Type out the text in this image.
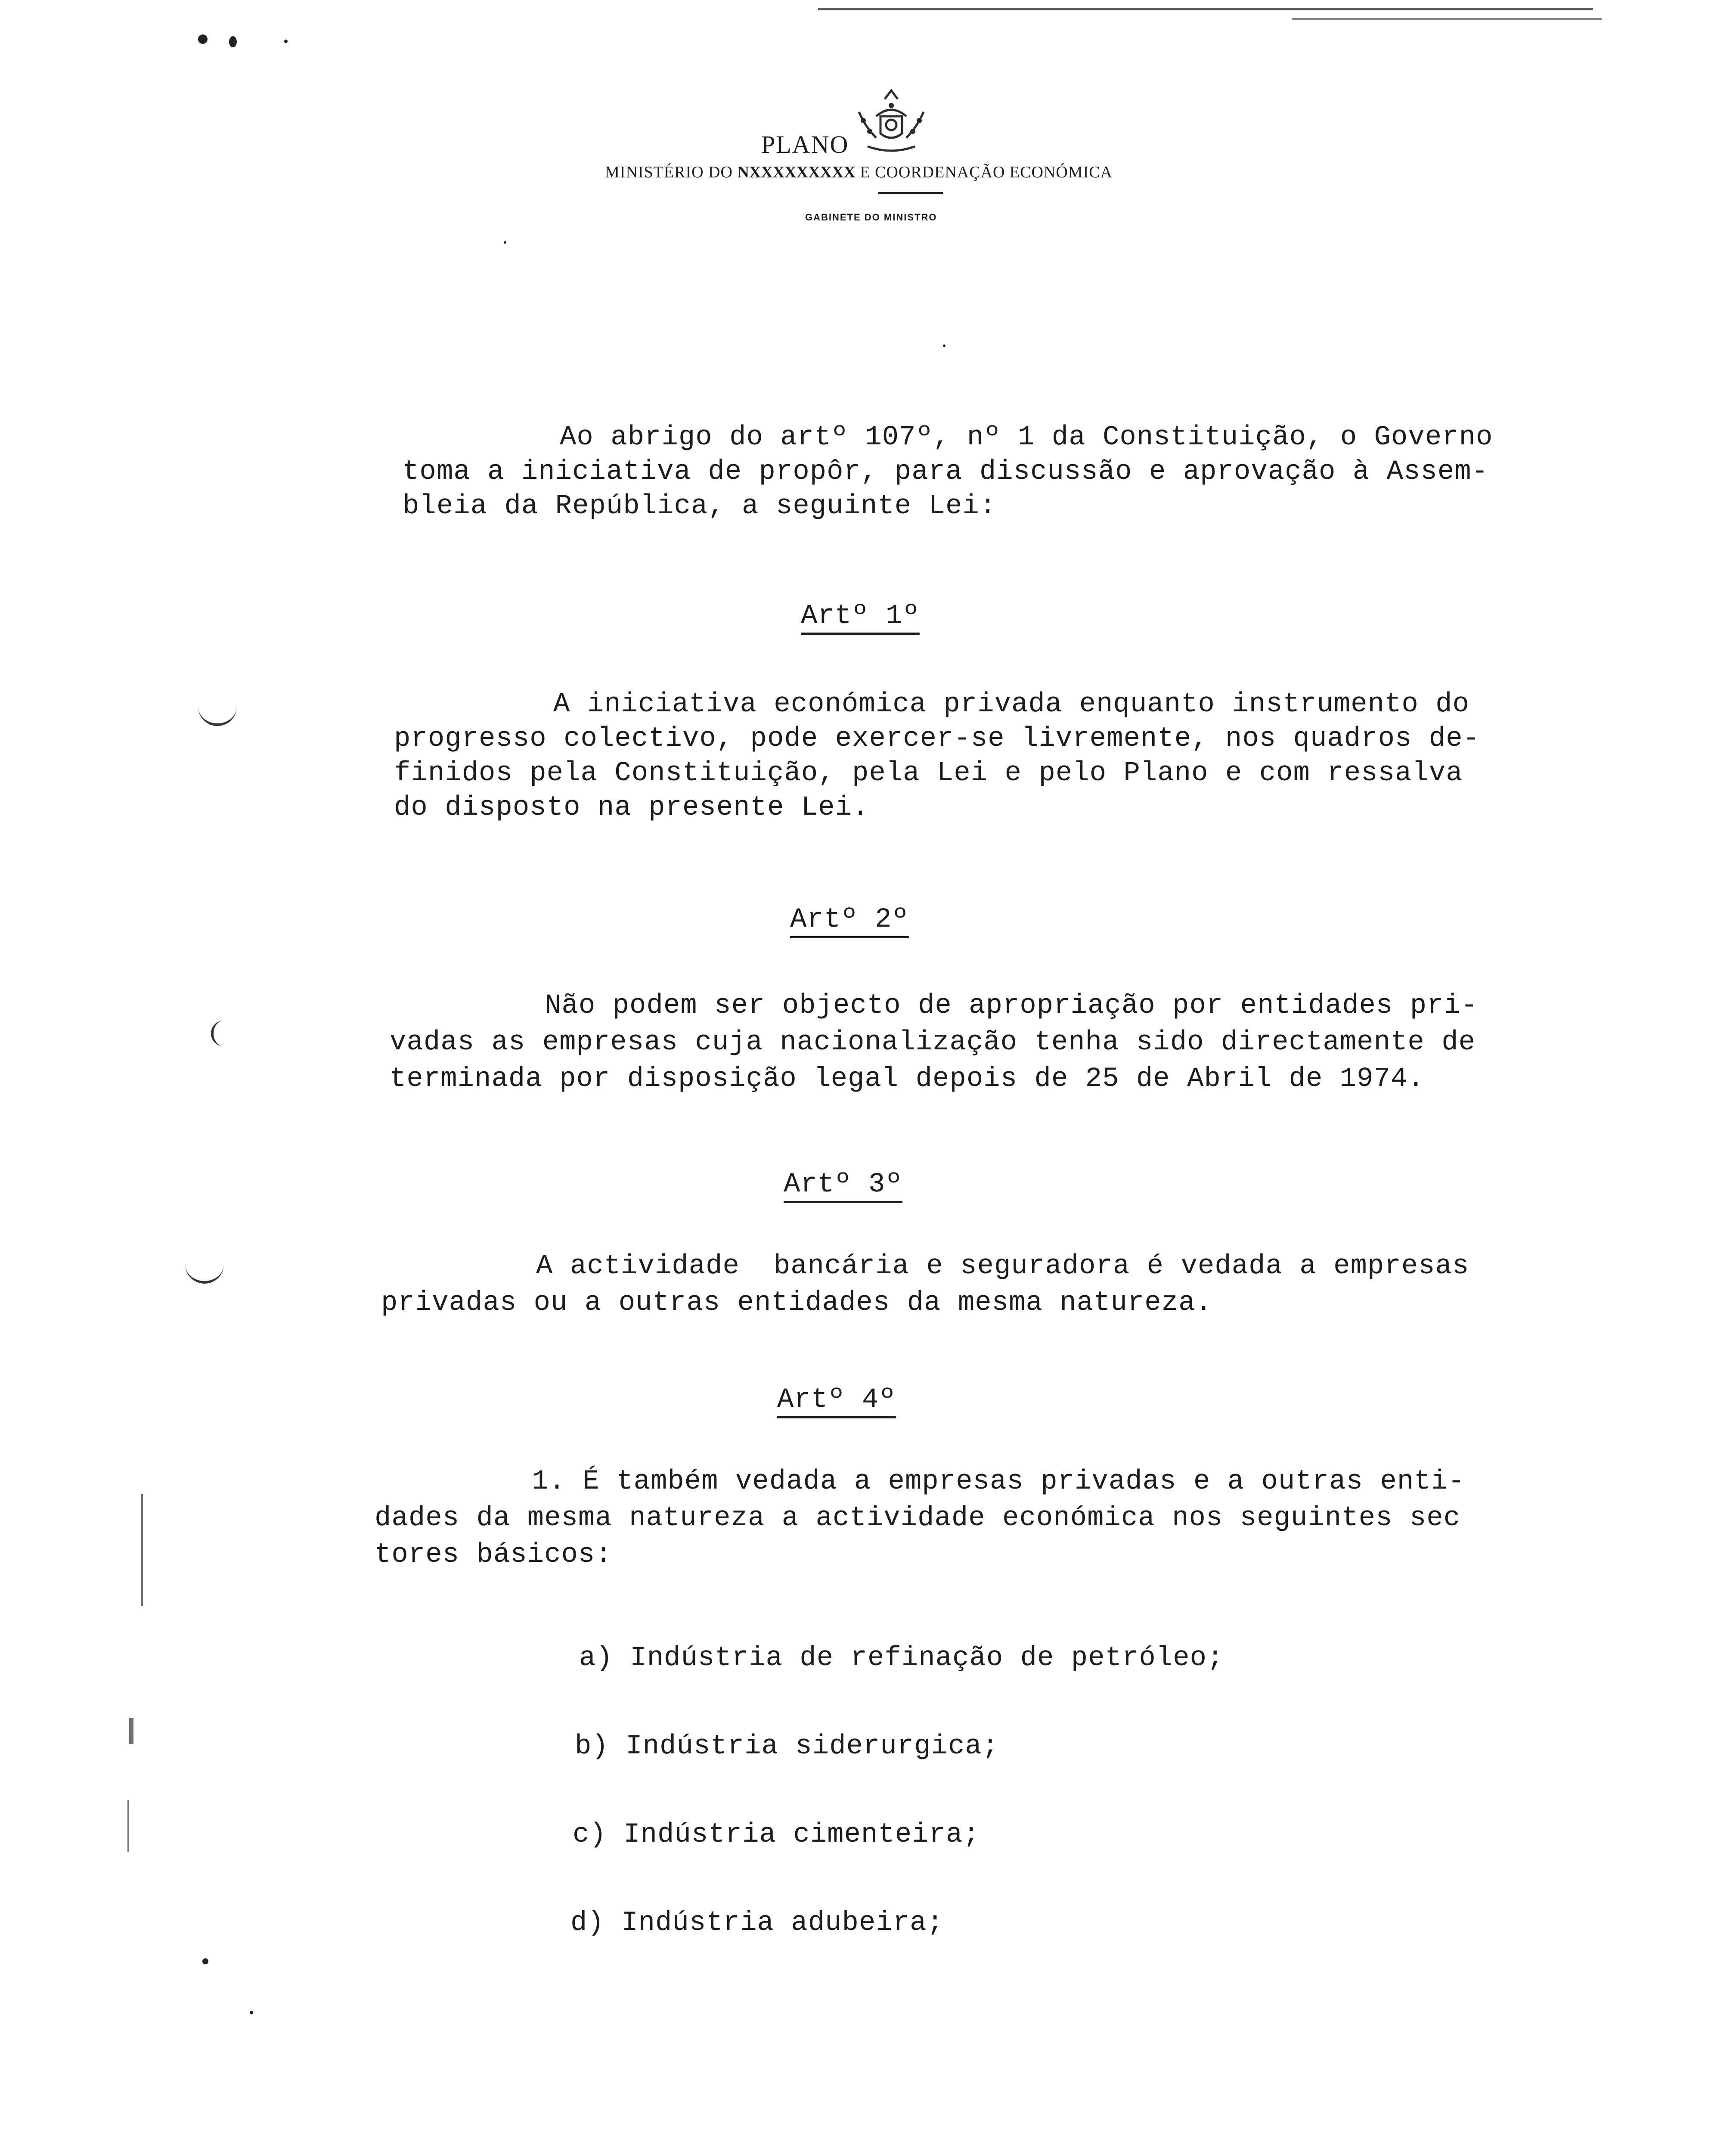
PLANO
MINISTÉRIO DO NXXXXXXXXX E COORDENAÇÃO ECONÓMICA
GABINETE DO MINISTRO
Ao abrigo do artº 107º, nº 1 da Constituição, o Governo
toma a iniciativa de propôr, para discussão e aprovação à Assem-
bleia da República, a seguinte Lei:
Artº 1º
A iniciativa económica privada enquanto instrumento do
progresso colectivo, pode exercer-se livremente, nos quadros de-
finidos pela Constituição, pela Lei e pelo Plano e com ressalva
do disposto na presente Lei.
Artº 2º
Não podem ser objecto de apropriação por entidades pri-
vadas as empresas cuja nacionalização tenha sido directamente de
terminada por disposição legal depois de 25 de Abril de 1974.
Artº 3º
A actividade  bancária e seguradora é vedada a empresas
privadas ou a outras entidades da mesma natureza.
Artº 4º
1. É também vedada a empresas privadas e a outras enti-
dades da mesma natureza a actividade económica nos seguintes sec
tores básicos:
a) Indústria de refinação de petróleo;
b) Indústria siderurgica;
c) Indústria cimenteira;
d) Indústria adubeira;
